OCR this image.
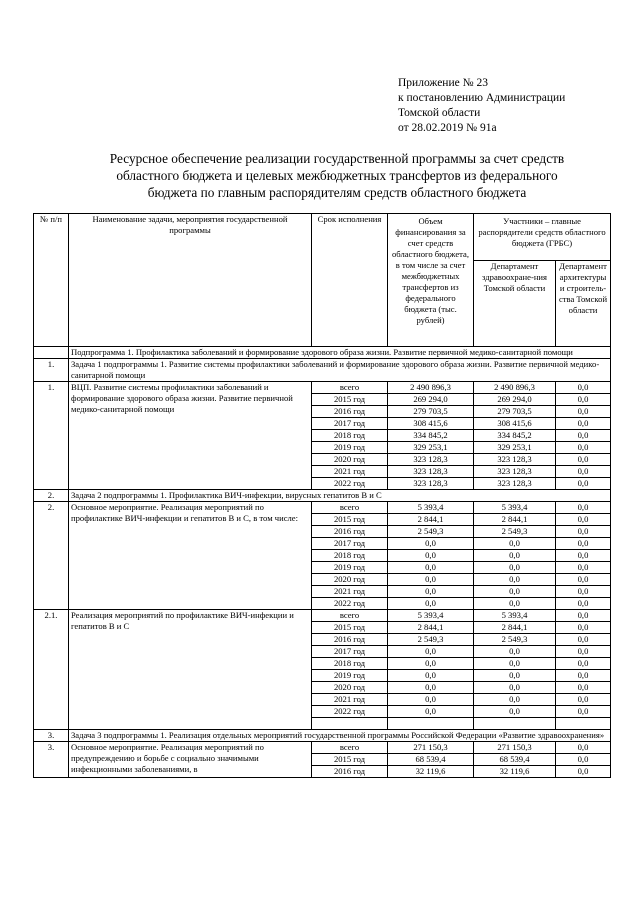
Приложение № 23
к постановлению Администрации
Томской области
от 28.02.2019 № 91а
Ресурсное обеспечение реализации государственной программы за счет средств
областного бюджета и целевых межбюджетных трансфертов из федерального
бюджета по главным распорядителям средств областного бюджета
№ п/п	Наименование задачи, мероприятия государственной программы	Срок исполнения	Объем финансирования за счет средств областного бюджета, в том числе за счет межбюджетных трансфертов из федерального бюджета (тыс. рублей)	Участники – главные распорядители средств областного бюджета (ГРБС)	
				Департамент здравоохране-ния Томской области	Департамент архитектуры и строитель-ства Томской области
	Подпрограмма 1. Профилактика заболеваний и формирование здорового образа жизни. Развитие первичной медико-санитарной помощи				
1.	Задача 1 подпрограммы 1. Развитие системы профилактики заболеваний и формирование здорового образа жизни. Развитие первичной медико-санитарной помощи				
1.	ВЦП. Развитие системы профилактики заболеваний и формирование здорового образа жизни. Развитие первичной медико-санитарной помощи	всего	2 490 896,3	2 490 896,3	0,0
		2015 год	269 294,0	269 294,0	0,0
		2016 год	279 703,5	279 703,5	0,0
		2017 год	308 415,6	308 415,6	0,0
		2018 год	334 845,2	334 845,2	0,0
		2019 год	329 253,1	329 253,1	0,0
		2020 год	323 128,3	323 128,3	0,0
		2021 год	323 128,3	323 128,3	0,0
		2022 год	323 128,3	323 128,3	0,0
2.	Задача 2 подпрограммы 1. Профилактика ВИЧ-инфекции, вирусных гепатитов В и С				
2.	Основное мероприятие. Реализация мероприятий по профилактике ВИЧ-инфекции и гепатитов В и С, в том числе:	всего	5 393,4	5 393,4	0,0
		2015 год	2 844,1	2 844,1	0,0
		2016 год	2 549,3	2 549,3	0,0
		2017 год	0,0	0,0	0,0
		2018 год	0,0	0,0	0,0
		2019 год	0,0	0,0	0,0
		2020 год	0,0	0,0	0,0
		2021 год	0,0	0,0	0,0
		2022 год	0,0	0,0	0,0
2.1.	Реализация мероприятий по профилактике ВИЧ-инфекции и гепатитов В и С	всего	5 393,4	5 393,4	0,0
		2015 год	2 844,1	2 844,1	0,0
		2016 год	2 549,3	2 549,3	0,0
		2017 год	0,0	0,0	0,0
		2018 год	0,0	0,0	0,0
		2019 год	0,0	0,0	0,0
		2020 год	0,0	0,0	0,0
		2021 год	0,0	0,0	0,0
		2022 год	0,0	0,0	0,0

3.	Задача 3 подпрограммы 1. Реализация отдельных мероприятий государственной программы Российской Федерации «Развитие здравоохранения»				
3.	Основное мероприятие. Реализация мероприятий по предупреждению и борьбе с социально значимыми инфекционными заболеваниями, в	всего	271 150,3	271 150,3	0,0
		2015 год	68 539,4	68 539,4	0,0
		2016 год	32 119,6	32 119,6	0,0
